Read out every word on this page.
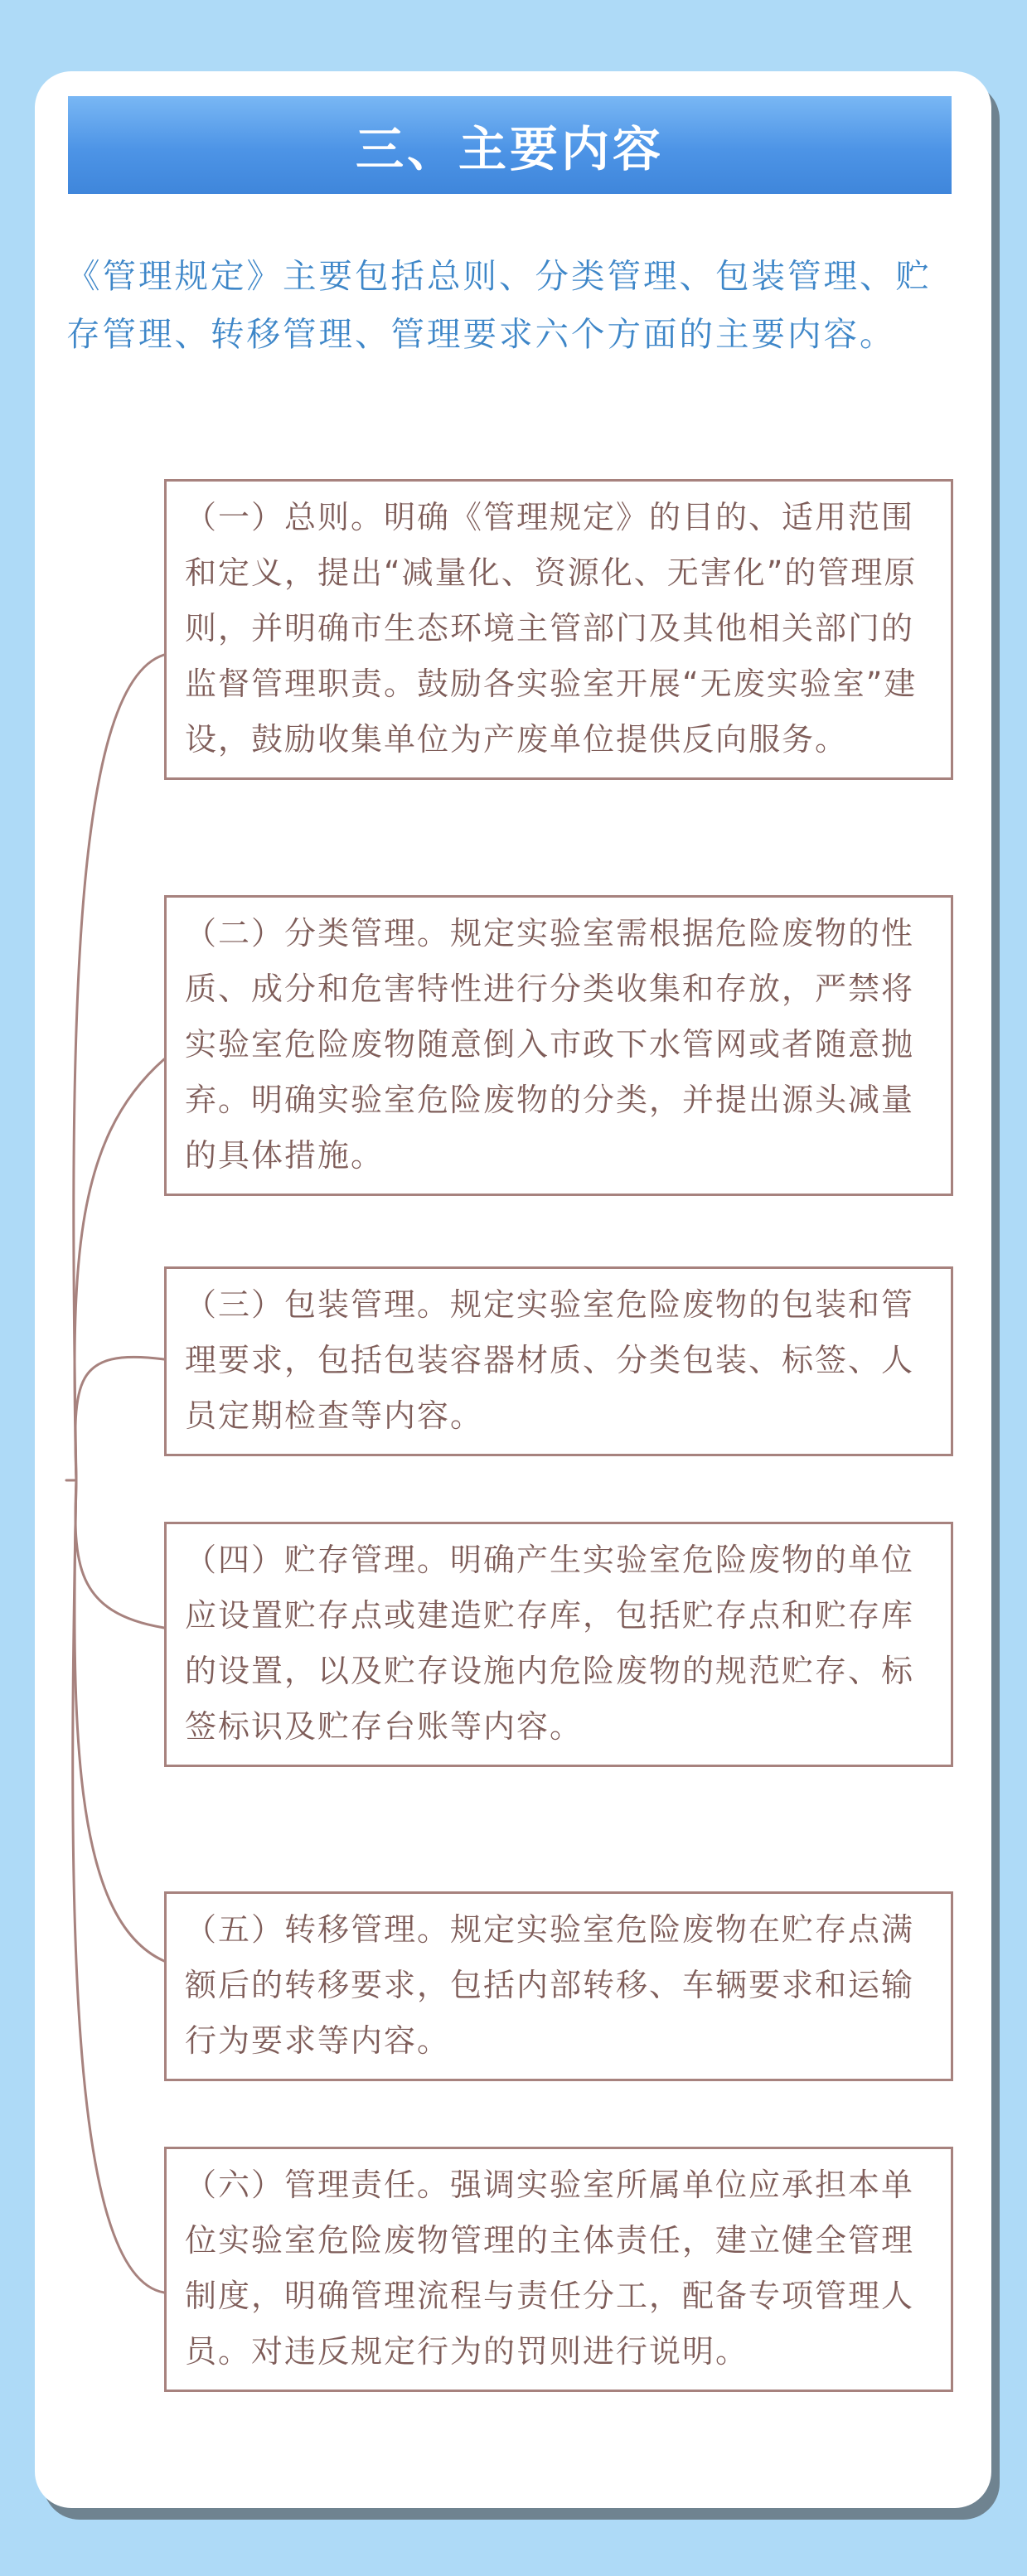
三、主要内容

《管理规定》主要包括总则、分类管理、包装管理、贮存管理、转移管理、管理要求六个方面的主要内容。

（一）总则。明确《管理规定》的目的、适用范围和定义，提出“减量化、资源化、无害化”的管理原则，并明确市生态环境主管部门及其他相关部门的监督管理职责。鼓励各实验室开展“无废实验室”建设，鼓励收集单位为产废单位提供反向服务。
（二）分类管理。规定实验室需根据危险废物的性质、成分和危害特性进行分类收集和存放，严禁将实验室危险废物随意倒入市政下水管网或者随意抛弃。明确实验室危险废物的分类，并提出源头减量的具体措施。
（三）包装管理。规定实验室危险废物的包装和管理要求，包括包装容器材质、分类包装、标签、人员定期检查等内容。
（四）贮存管理。明确产生实验室危险废物的单位应设置贮存点或建造贮存库，包括贮存点和贮存库的设置，以及贮存设施内危险废物的规范贮存、标签标识及贮存台账等内容。
（五）转移管理。规定实验室危险废物在贮存点满额后的转移要求，包括内部转移、车辆要求和运输行为要求等内容。
（六）管理责任。强调实验室所属单位应承担本单位实验室危险废物管理的主体责任，建立健全管理制度，明确管理流程与责任分工，配备专项管理人员。对违反规定行为的罚则进行说明。
